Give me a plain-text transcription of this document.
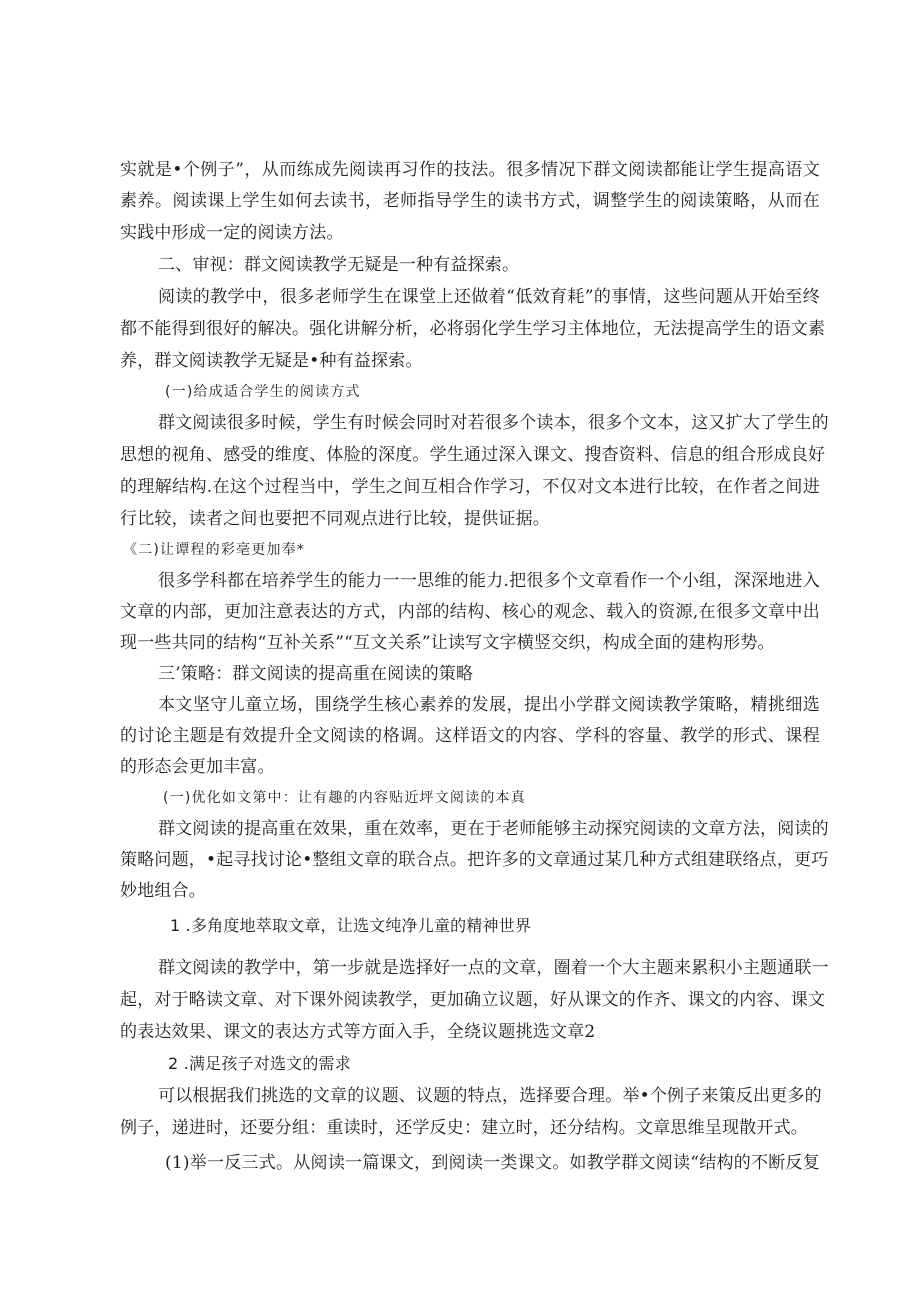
实就是•个例子”，从而练成先阅读再习作的技法。很多情况下群文阅读都能让学生提高语文
素养。阅读课上学生如何去读书，老师指导学生的读书方式，调整学生的阅读策略，从而在
实践中形成一定的阅读方法。
二、审视：群文阅读教学无疑是一种有益探索。
阅读的教学中，很多老师学生在课堂上还做着“低效育耗”的事情，这些问题从开始至终
都不能得到很好的解决。强化讲解分析，必将弱化学生学习主体地位，无法提高学生的语文素
养，群文阅读教学无疑是•种有益探索。
(一)给成适合学生的阅读方式
群文阅读很多时候，学生有时候会同时对若很多个读本，很多个文本，这又扩大了学生的
思想的视角、感受的维度、体脸的深度。学生通过深入课文、搜杳资料、信息的组合形成良好
的理解结构.在这个过程当中，学生之间互相合作学习，不仅对文本进行比较，在作者之间进
行比较，读者之间也要把不同观点进行比较，提供证据。
《二)让谭程的彩亳更加奉*
很多学科都在培养学生的能力一一思维的能力.把很多个文章看作一个小组，深深地进入
文章的内部，更加注意表达的方式，内部的结构、核心的观念、载入的资源,在很多文章中出
现一些共同的结构“互补关系”“互文关系”让读写文字横竖交织，构成全面的建构形势。
三’策略：群文阅读的提高重在阅读的策略
本文坚守儿童立场，围绕学生核心素养的发展，提出小学群文阅读教学策略，精挑细选
的讨论主题是有效提升全文阅读的格调。这样语文的内容、学科的容量、教学的形式、课程
的形态会更加丰富。
(一)优化如文第中：让有趣的内容贴近坪文阅读的本真
群文阅读的提高重在效果，重在效率，更在于老师能够主动探究阅读的文章方法，阅读的
策略问题，•起寻找讨论•整组文章的联合点。把许多的文章通过某几种方式组建联络点，更巧
妙地组合。
1 .多角度地萃取文章，让选文纯净儿童的精神世界
群文阅读的教学中，第一步就是选择好一点的文章，圈着一个大主题来累积小主题通联一
起，对于略读文章、对下课外阅读教学，更加确立议题，好从课文的作齐、课文的内容、课文
的表达效果、课文的表达方式等方面入手，全绕议题挑选文章2
2 .满足孩子对选文的需求
可以根据我们挑选的文章的议题、议题的特点，选择要合理。举•个例子来策反出更多的
例子，递进时，还要分组：重读时，还学反史：建立时，还分结构。文章思维呈现散开式。
(1)举一反三式。从阅读一篇课文，到阅读一类课文。如教学群文阅读“结构的不断反复
